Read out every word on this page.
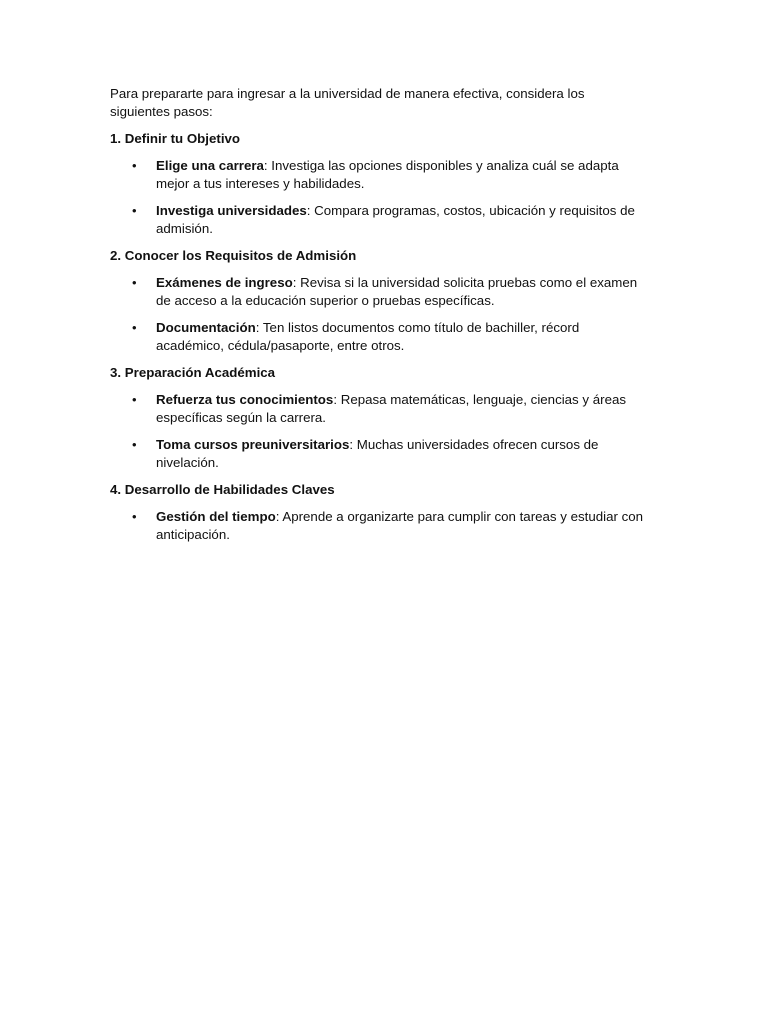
Para prepararte para ingresar a la universidad de manera efectiva, considera los siguientes pasos:

1. Definir tu Objetivo

• Elige una carrera: Investiga las opciones disponibles y analiza cuál se adapta mejor a tus intereses y habilidades.
• Investiga universidades: Compara programas, costos, ubicación y requisitos de admisión.

2. Conocer los Requisitos de Admisión

• Exámenes de ingreso: Revisa si la universidad solicita pruebas como el examen de acceso a la educación superior o pruebas específicas.
• Documentación: Ten listos documentos como título de bachiller, récord académico, cédula/pasaporte, entre otros.

3. Preparación Académica

• Refuerza tus conocimientos: Repasa matemáticas, lenguaje, ciencias y áreas específicas según la carrera.
• Toma cursos preuniversitarios: Muchas universidades ofrecen cursos de nivelación.

4. Desarrollo de Habilidades Claves

• Gestión del tiempo: Aprende a organizarte para cumplir con tareas y estudiar con anticipación.
